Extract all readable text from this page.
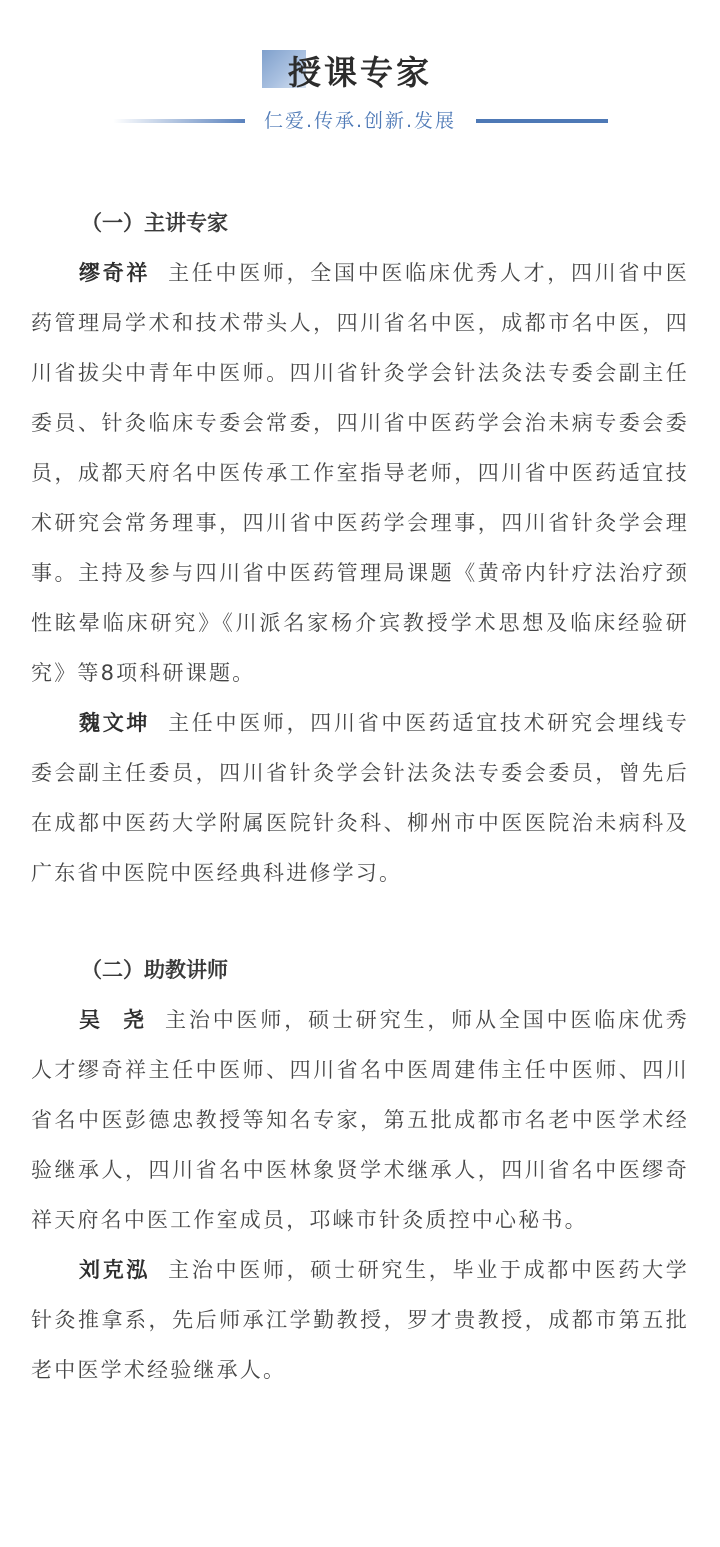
授课专家
仁爱.传承.创新.发展
（一）主讲专家

缪奇祥 主任中医师，全国中医临床优秀人才，四川省中医药管理局学术和技术带头人，四川省名中医，成都市名中医，四川省拔尖中青年中医师。四川省针灸学会针法灸法专委会副主任委员、针灸临床专委会常委，四川省中医药学会治未病专委会委员，成都天府名中医传承工作室指导老师，四川省中医药适宜技术研究会常务理事，四川省中医药学会理事，四川省针灸学会理事。主持及参与四川省中医药管理局课题《黄帝内针疗法治疗颈性眩晕临床研究》《川派名家杨介宾教授学术思想及临床经验研究》等8项科研课题。

魏文坤 主任中医师，四川省中医药适宜技术研究会埋线专委会副主任委员，四川省针灸学会针法灸法专委会委员，曾先后在成都中医药大学附属医院针灸科、柳州市中医医院治未病科及广东省中医院中医经典科进修学习。

（二）助教讲师

吴  尧 主治中医师，硕士研究生，师从全国中医临床优秀人才缪奇祥主任中医师、四川省名中医周建伟主任中医师、四川省名中医彭德忠教授等知名专家，第五批成都市名老中医学术经验继承人，四川省名中医林象贤学术继承人，四川省名中医缪奇祥天府名中医工作室成员，邛崃市针灸质控中心秘书。

刘克泓 主治中医师，硕士研究生，毕业于成都中医药大学针灸推拿系，先后师承江学勤教授，罗才贵教授，成都市第五批老中医学术经验继承人。
